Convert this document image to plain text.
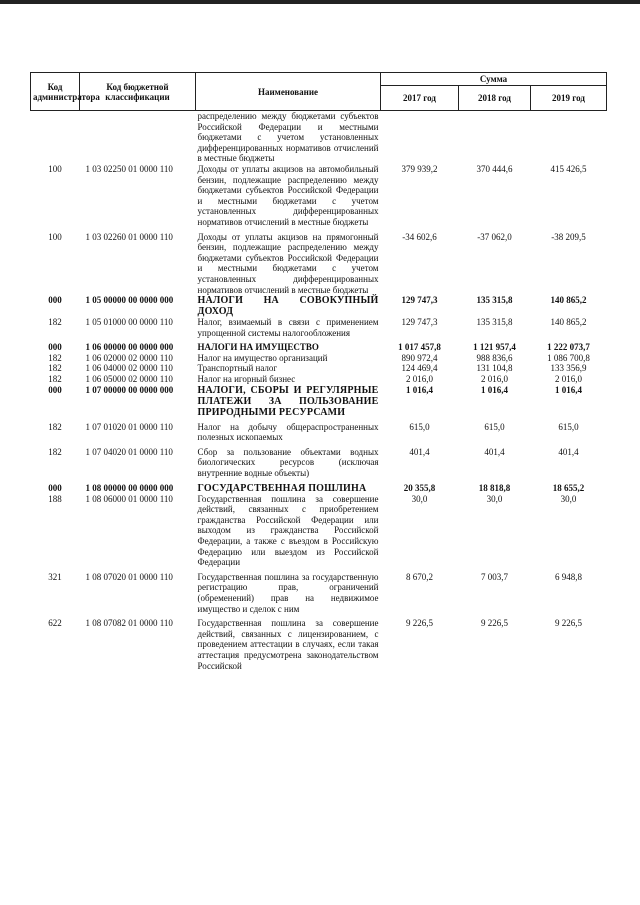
Код администратора	Код бюджетной классификации	Наименование	Сумма		
			2017 год	2018 год	2019 год
		распределению между бюджетами субъектов Российской Федерации и местными бюджетами с учетом установленных дифференцированных нормативов отчислений в местные бюджеты			
100	1 03 02250 01 0000 110	Доходы от уплаты акцизов на автомобильный бензин, подлежащие распределению между бюджетами субъектов Российской Федерации и местными бюджетами с учетом установленных дифференцированных нормативов отчислений в местные бюджеты	379 939,2	370 444,6	415 426,5
100	1 03 02260 01 0000 110	Доходы от уплаты акцизов на прямогонный бензин, подлежащие распределению между бюджетами субъектов Российской Федерации и местными бюджетами с учетом установленных дифференцированных нормативов отчислений в местные бюджеты	-34 602,6	-37 062,0	-38 209,5
000	1 05 00000 00 0000 000	НАЛОГИ НА СОВОКУПНЫЙ ДОХОД	129 747,3	135 315,8	140 865,2
182	1 05 01000 00 0000 110	Налог, взимаемый в связи с применением упрощенной системы налогообложения	129 747,3	135 315,8	140 865,2
000	1 06 00000 00 0000 000	НАЛОГИ НА ИМУЩЕСТВО	1 017 457,8	1 121 957,4	1 222 073,7
182	1 06 02000 02 0000 110	Налог на имущество организаций	890 972,4	988 836,6	1 086 700,8
182	1 06 04000 02 0000 110	Транспортный налог	124 469,4	131 104,8	133 356,9
182	1 06 05000 02 0000 110	Налог на игорный бизнес	2 016,0	2 016,0	2 016,0
000	1 07 00000 00 0000 000	НАЛОГИ, СБОРЫ И РЕГУЛЯРНЫЕ ПЛАТЕЖИ ЗА ПОЛЬЗОВАНИЕ ПРИРОДНЫМИ РЕСУРСАМИ	1 016,4	1 016,4	1 016,4
182	1 07 01020 01 0000 110	Налог на добычу общераспространенных полезных ископаемых	615,0	615,0	615,0
182	1 07 04020 01 0000 110	Сбор за пользование объектами водных биологических ресурсов (исключая внутренние водные объекты)	401,4	401,4	401,4
000	1 08 00000 00 0000 000	ГОСУДАРСТВЕННАЯ ПОШЛИНА	20 355,8	18 818,8	18 655,2
188	1 08 06000 01 0000 110	Государственная пошлина за совершение действий, связанных с приобретением гражданства Российской Федерации или выходом из гражданства Российской Федерации, а также с въездом в Российскую Федерацию или выездом из Российской Федерации	30,0	30,0	30,0
321	1 08 07020 01 0000 110	Государственная пошлина за государственную регистрацию прав, ограничений (обременений) прав на недвижимое имущество и сделок с ним	8 670,2	7 003,7	6 948,8
622	1 08 07082 01 0000 110	Государственная пошлина за совершение действий, связанных с лицензированием, с проведением аттестации в случаях, если такая аттестация предусмотрена законодательством Российской	9 226,5	9 226,5	9 226,5
